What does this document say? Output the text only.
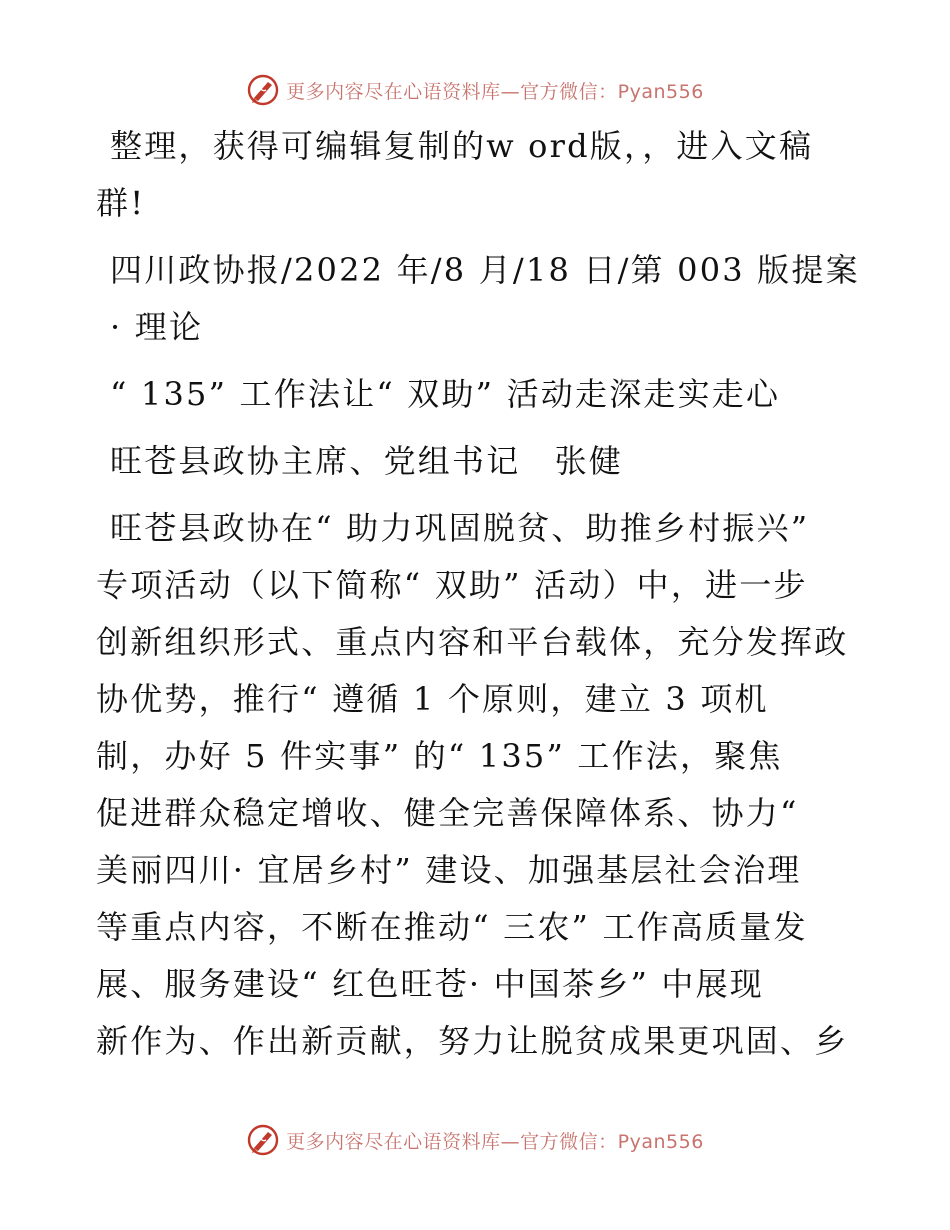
更多内容尽在心语资料库—官方微信：Pyan556

整理，获得可编辑复制的w ord版，，进入文稿

群!

四川政协报/2022 年/8 月/18 日/第 003 版提案

· 理论

“ 135” 工作法让“ 双助” 活动走深走实走心

旺苍县政协主席、党组书记　张健

旺苍县政协在“ 助力巩固脱贫、助推乡村振兴”

专项活动（以下简称“ 双助” 活动）中，进一步

创新组织形式、重点内容和平台载体，充分发挥政

协优势，推行“ 遵循 1 个原则，建立 3 项机

制，办好 5 件实事” 的“ 135” 工作法，聚焦

促进群众稳定增收、健全完善保障体系、协力“

美丽四川· 宜居乡村” 建设、加强基层社会治理

等重点内容，不断在推动“ 三农” 工作高质量发

展、服务建设“ 红色旺苍· 中国茶乡” 中展现

新作为、作出新贡献，努力让脱贫成果更巩固、乡

更多内容尽在心语资料库—官方微信：Pyan556
